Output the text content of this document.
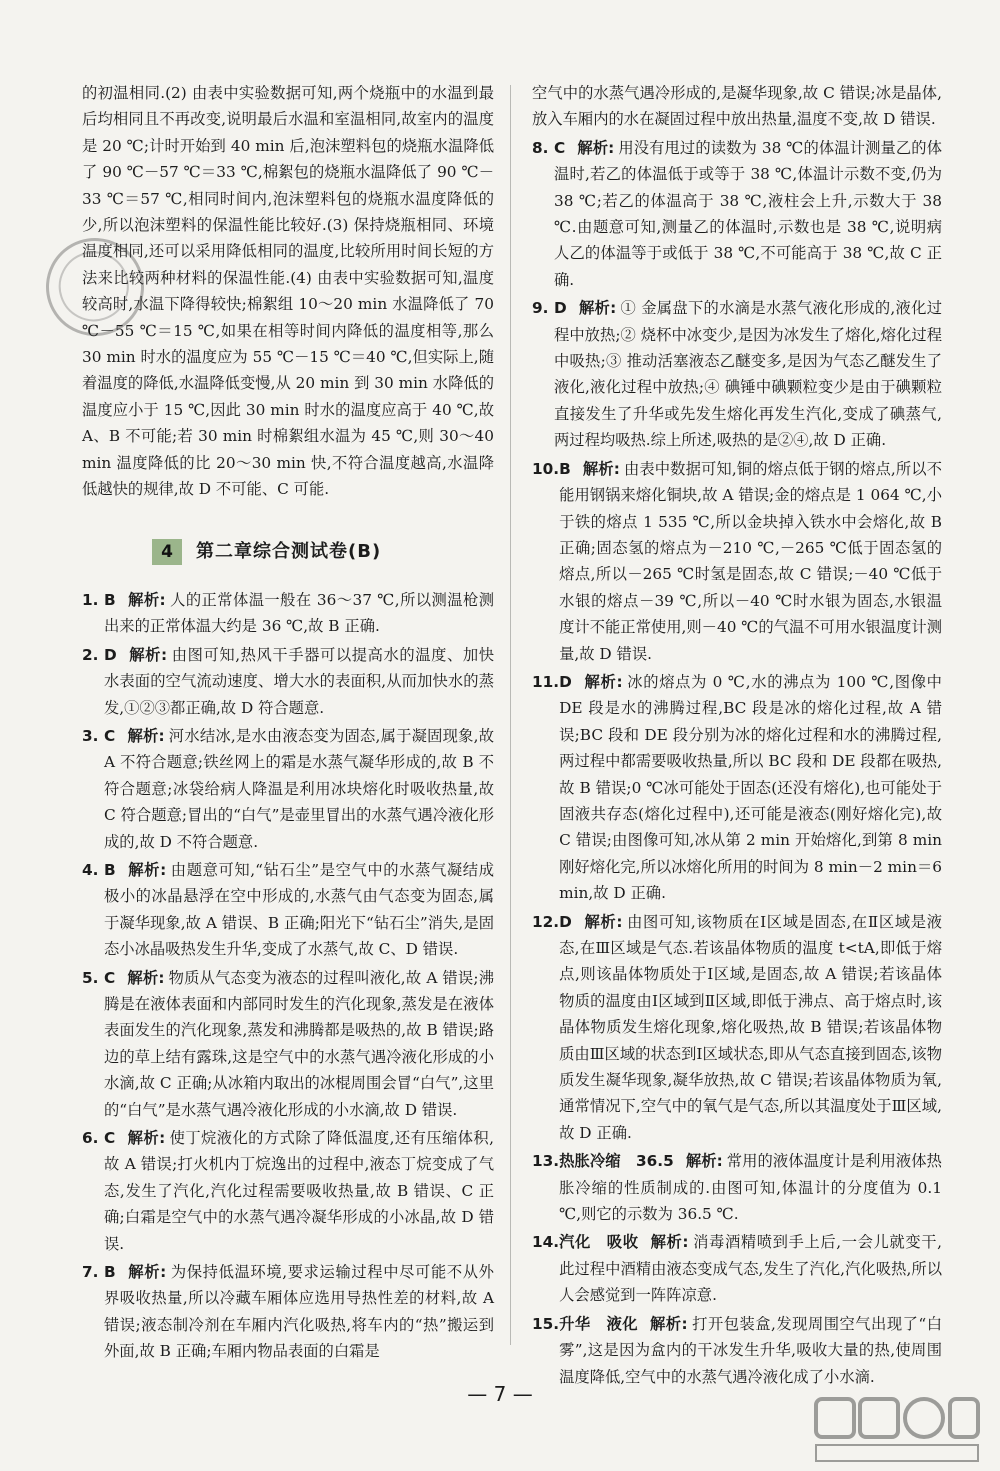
的初温相同.(2) 由表中实验数据可知,两个烧瓶中的水温到最后均相同且不再改变,说明最后水温和室温相同,故室内的温度是 20 ℃;计时开始到 40 min 后,泡沫塑料包的烧瓶水温降低了 90 ℃－57 ℃＝33 ℃,棉絮包的烧瓶水温降低了 90 ℃－33 ℃＝57 ℃,相同时间内,泡沫塑料包的烧瓶水温度降低的少,所以泡沫塑料的保温性能比较好.(3) 保持烧瓶相同、环境温度相同,还可以采用降低相同的温度,比较所用时间长短的方法来比较两种材料的保温性能.(4) 由表中实验数据可知,温度较高时,水温下降得较快;棉絮组 10～20 min 水温降低了 70 ℃－55 ℃＝15 ℃,如果在相等时间内降低的温度相等,那么 30 min 时水的温度应为 55 ℃－15 ℃＝40 ℃,但实际上,随着温度的降低,水温降低变慢,从 20 min 到 30 min 水降低的温度应小于 15 ℃,因此 30 min 时水的温度应高于 40 ℃,故 A、B 不可能;若 30 min 时棉絮组水温为 45 ℃,则 30～40 min 温度降低的比 20～30 min 快,不符合温度越高,水温降低越快的规律,故 D 不可能、C 可能.

4	第二章综合测试卷(B)
1. B 解析: 人的正常体温一般在 36～37 ℃,所以测温枪测出来的正常体温大约是 36 ℃,故 B 正确.
2. D 解析: 由图可知,热风干手器可以提高水的温度、加快水表面的空气流动速度、增大水的表面积,从而加快水的蒸发,①②③都正确,故 D 符合题意.
3. C 解析: 河水结冰,是水由液态变为固态,属于凝固现象,故 A 不符合题意;铁丝网上的霜是水蒸气凝华形成的,故 B 不符合题意;冰袋给病人降温是利用冰块熔化时吸收热量,故 C 符合题意;冒出的“白气”是壶里冒出的水蒸气遇冷液化形成的,故 D 不符合题意.
4. B 解析: 由题意可知,“钻石尘”是空气中的水蒸气凝结成极小的冰晶悬浮在空中形成的,水蒸气由气态变为固态,属于凝华现象,故 A 错误、B 正确;阳光下“钻石尘”消失,是固态小冰晶吸热发生升华,变成了水蒸气,故 C、D 错误.
5. C 解析: 物质从气态变为液态的过程叫液化,故 A 错误;沸腾是在液体表面和内部同时发生的汽化现象,蒸发是在液体表面发生的汽化现象,蒸发和沸腾都是吸热的,故 B 错误;路边的草上结有露珠,这是空气中的水蒸气遇冷液化形成的小水滴,故 C 正确;从冰箱内取出的冰棍周围会冒“白气”,这里的“白气”是水蒸气遇冷液化形成的小水滴,故 D 错误.
6. C 解析: 使丁烷液化的方式除了降低温度,还有压缩体积,故 A 错误;打火机内丁烷逸出的过程中,液态丁烷变成了气态,发生了汽化,汽化过程需要吸收热量,故 B 错误、C 正确;白霜是空气中的水蒸气遇冷凝华形成的小冰晶,故 D 错误.
7. B 解析: 为保持低温环境,要求运输过程中尽可能不从外界吸收热量,所以冷藏车厢体应选用导热性差的材料,故 A 错误;液态制冷剂在车厢内汽化吸热,将车内的“热”搬运到外面,故 B 正确;车厢内物品表面的白霜是

空气中的水蒸气遇冷形成的,是凝华现象,故 C 错误;冰是晶体,放入车厢内的水在凝固过程中放出热量,温度不变,故 D 错误.

8. C 解析: 用没有甩过的读数为 38 ℃的体温计测量乙的体温时,若乙的体温低于或等于 38 ℃,体温计示数不变,仍为 38 ℃;若乙的体温高于 38 ℃,液柱会上升,示数大于 38 ℃.由题意可知,测量乙的体温时,示数也是 38 ℃,说明病人乙的体温等于或低于 38 ℃,不可能高于 38 ℃,故 C 正确.
9. D 解析: ① 金属盘下的水滴是水蒸气液化形成的,液化过程中放热;② 烧杯中冰变少,是因为冰发生了熔化,熔化过程中吸热;③ 推动活塞液态乙醚变多,是因为气态乙醚发生了液化,液化过程中放热;④ 碘锤中碘颗粒变少是由于碘颗粒直接发生了升华或先发生熔化再发生汽化,变成了碘蒸气,两过程均吸热.综上所述,吸热的是②④,故 D 正确.
10. B 解析: 由表中数据可知,铜的熔点低于钢的熔点,所以不能用钢锅来熔化铜块,故 A 错误;金的熔点是 1 064 ℃,小于铁的熔点 1 535 ℃,所以金块掉入铁水中会熔化,故 B 正确;固态氢的熔点为－210 ℃,－265 ℃低于固态氢的熔点,所以－265 ℃时氢是固态,故 C 错误;－40 ℃低于水银的熔点－39 ℃,所以－40 ℃时水银为固态,水银温度计不能正常使用,则－40 ℃的气温不可用水银温度计测量,故 D 错误.
11. D 解析: 冰的熔点为 0 ℃,水的沸点为 100 ℃,图像中 DE 段是水的沸腾过程,BC 段是冰的熔化过程,故 A 错误;BC 段和 DE 段分别为冰的熔化过程和水的沸腾过程,两过程中都需要吸收热量,所以 BC 段和 DE 段都在吸热,故 B 错误;0 ℃冰可能处于固态(还没有熔化),也可能处于固液共存态(熔化过程中),还可能是液态(刚好熔化完),故 C 错误;由图像可知,冰从第 2 min 开始熔化,到第 8 min 刚好熔化完,所以冰熔化所用的时间为 8 min－2 min＝6 min,故 D 正确.
12. D 解析: 由图可知,该物质在Ⅰ区域是固态,在Ⅱ区域是液态,在Ⅲ区域是气态.若该晶体物质的温度 t<tA,即低于熔点,则该晶体物质处于Ⅰ区域,是固态,故 A 错误;若该晶体物质的温度由Ⅰ区域到Ⅱ区域,即低于沸点、高于熔点时,该晶体物质发生熔化现象,熔化吸热,故 B 错误;若该晶体物质由Ⅲ区域的状态到Ⅰ区域状态,即从气态直接到固态,该物质发生凝华现象,凝华放热,故 C 错误;若该晶体物质为氧,通常情况下,空气中的氧气是气态,所以其温度处于Ⅲ区域,故 D 正确.
13. 热胀冷缩　36.5 解析: 常用的液体温度计是利用液体热胀冷缩的性质制成的.由图可知,体温计的分度值为 0.1 ℃,则它的示数为 36.5 ℃.
14. 汽化　吸收 解析: 消毒酒精喷到手上后,一会儿就变干,此过程中酒精由液态变成气态,发生了汽化,汽化吸热,所以人会感觉到一阵阵凉意.
15. 升华　液化 解析: 打开包装盒,发现周围空气出现了“白雾”,这是因为盒内的干冰发生升华,吸收大量的热,使周围温度降低,空气中的水蒸气遇冷液化成了小水滴.
— 7 —
